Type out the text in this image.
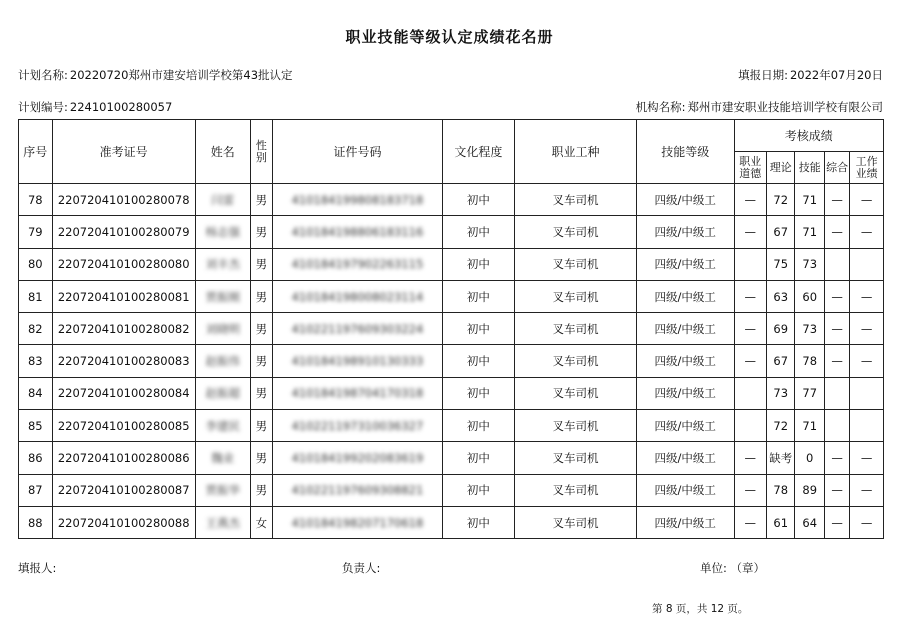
职业技能等级认定成绩花名册
计划名称: 20220720郑州市建安培训学校第43批认定	填报日期: 2022年07月20日
计划编号: 22410100280057	机构名称: 郑州市建安职业技能培训学校有限公司
序号	准考证号	姓名	性别	证件号码	文化程度	职业工种	技能等级	考核成绩				
								职业道德	理论	技能	综合	工作业绩
78	220720410100280078	闫雷	男	410184199808183718	初中	叉车司机	四级/中级工	—	72	71	—	—
79	220720410100280079	杨志强	男	410184198806183116	初中	叉车司机	四级/中级工	—	67	71	—	—
80	220720410100280080	刘丰杰	男	410184197902263115	初中	叉车司机	四级/中级工		75	73		
81	220720410100280081	贾振刚	男	410184198008023114	初中	叉车司机	四级/中级工	—	63	60	—	—
82	220720410100280082	刘晓明	男	410221197609303224	初中	叉车司机	四级/中级工	—	69	73	—	—
83	220720410100280083	赵振伟	男	410184198910130333	初中	叉车司机	四级/中级工	—	67	78	—	—
84	220720410100280084	赵振超	男	410184198704170318	初中	叉车司机	四级/中级工		73	77		
85	220720410100280085	李建民	男	410221197310036327	初中	叉车司机	四级/中级工		72	71		
86	220720410100280086	魏业	男	410184199202083619	初中	叉车司机	四级/中级工	—	缺考	0	—	—
87	220720410100280087	贾振华	男	410221197609308821	初中	叉车司机	四级/中级工	—	78	89	—	—
88	220720410100280088	王燕杰	女	410184198207170618	初中	叉车司机	四级/中级工	—	61	64	—	—
填报人:	负责人:	单位: （章）
第 8 页，共 12 页。
